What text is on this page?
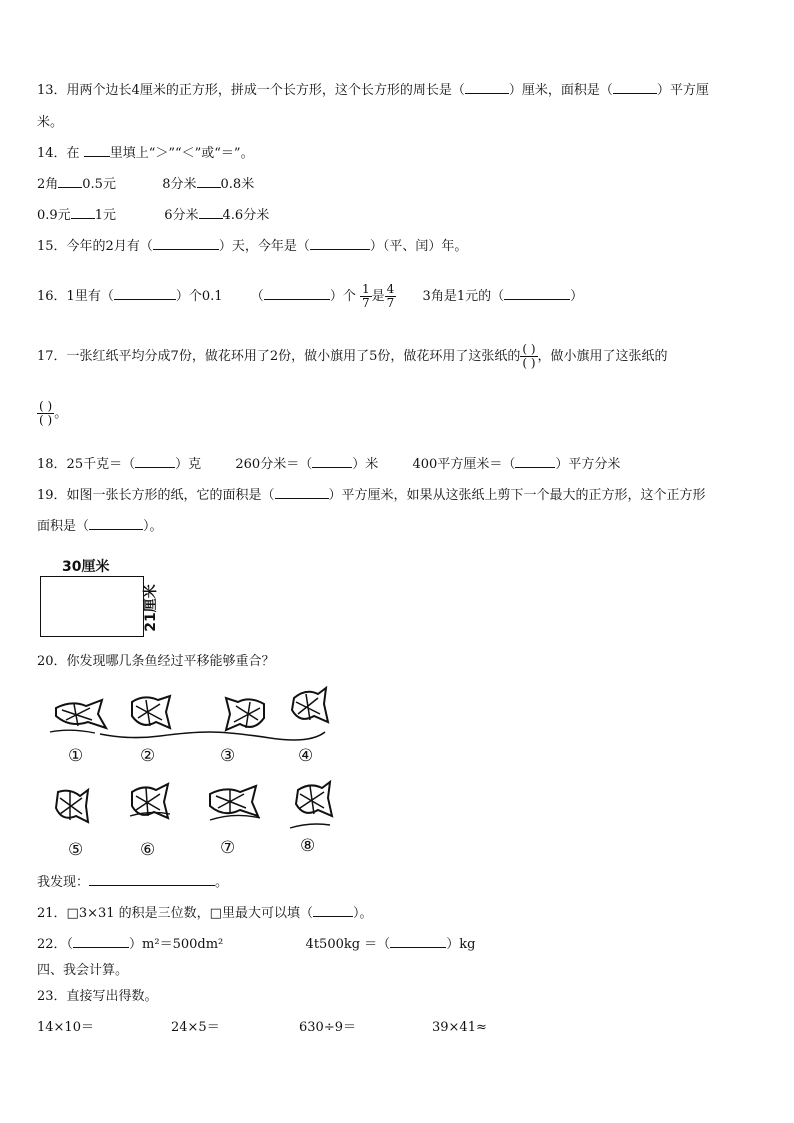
13．用两个边长4厘米的正方形，拼成一个长方形，这个长方形的周长是（	）厘米，面积是（	）平方厘
米。
14．在 里填上“＞”“＜”或“＝”。
2角 0.5元	8分米 0.8米
0.9元 1元	6分米 4.6分米
15．今年的2月有（	）天，今年是（	）（平、闰）年。
16．1里有（	）个0.1 （	）个 $\frac{1}{7}$ 是 $\frac{4}{7} 3$角是1元的（	）
17．一张红纸平均分成7份，做花环用了2份，做小旗用了5份，做花环用了这张纸的 $\frac{( )}{( )}$ ，做小旗用了这张纸的
$\frac{( )}{( )}$ 。
18．25千克＝（	）克	260分米＝（	）米	400平方厘米＝（	）平方分米
19．如图一张长方形的纸，它的面积是（	）平方厘米，如果从这张纸上剪下一个最大的正方形，这个正方形
面积是（	）。
30厘米
21厘米
20．你发现哪几条鱼经过平移能够重合？
①	②	③	④
⑤	⑥	⑦	⑧
我发现：	。
21．□3×31 的积是三位数，□里最大可以填（	）。
22．（	）m²＝500dm²	4t500kg ＝（	）kg
四、我会计算。
23．直接写出得数。
14×10＝	24×5＝	630÷9＝	39×41≈
